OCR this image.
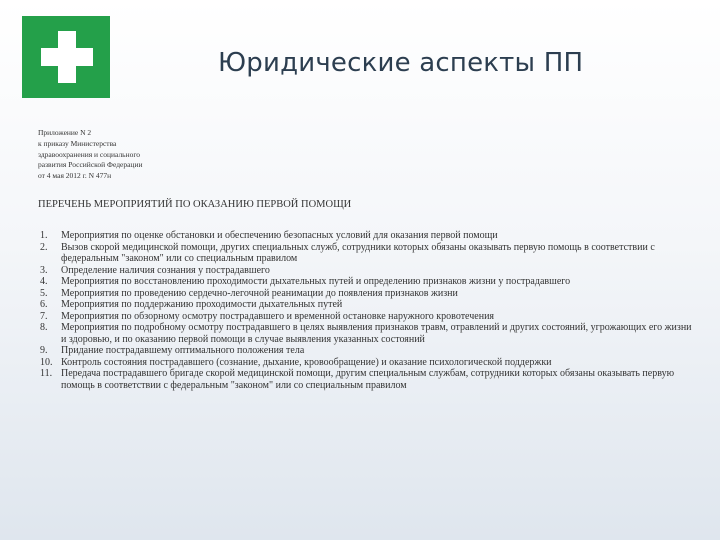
Юридические аспекты ПП
Приложение N 2
к приказу Министерства
здравоохранения и социального
развития Российской Федерации
от 4 мая 2012 г. N 477н
ПЕРЕЧЕНЬ МЕРОПРИЯТИЙ ПО ОКАЗАНИЮ ПЕРВОЙ ПОМОЩИ
1.	Мероприятия по оценке обстановки и обеспечению безопасных условий для оказания первой помощи
2.	Вызов скорой медицинской помощи, других специальных служб, сотрудники которых обязаны оказывать первую помощь в соответствии с федеральным "законом" или со специальным правилом
3.	Определение наличия сознания у пострадавшего
4.	Мероприятия по восстановлению проходимости дыхательных путей и определению признаков жизни у пострадавшего
5.	Мероприятия по проведению сердечно-легочной реанимации до появления признаков жизни
6.	Мероприятия по поддержанию проходимости дыхательных путей
7.	Мероприятия по обзорному осмотру пострадавшего и временной остановке наружного кровотечения
8.	Мероприятия по подробному осмотру пострадавшего в целях выявления признаков травм, отравлений и других состояний, угрожающих его жизни и здоровью, и по оказанию первой помощи в случае выявления указанных состояний
9.	Придание пострадавшему оптимального положения тела
10. Контроль состояния пострадавшего (сознание, дыхание, кровообращение) и оказание психологической поддержки
11. Передача пострадавшего бригаде скорой медицинской помощи, другим специальным службам, сотрудники которых обязаны оказывать первую помощь в соответствии с федеральным "законом" или со специальным правилом
